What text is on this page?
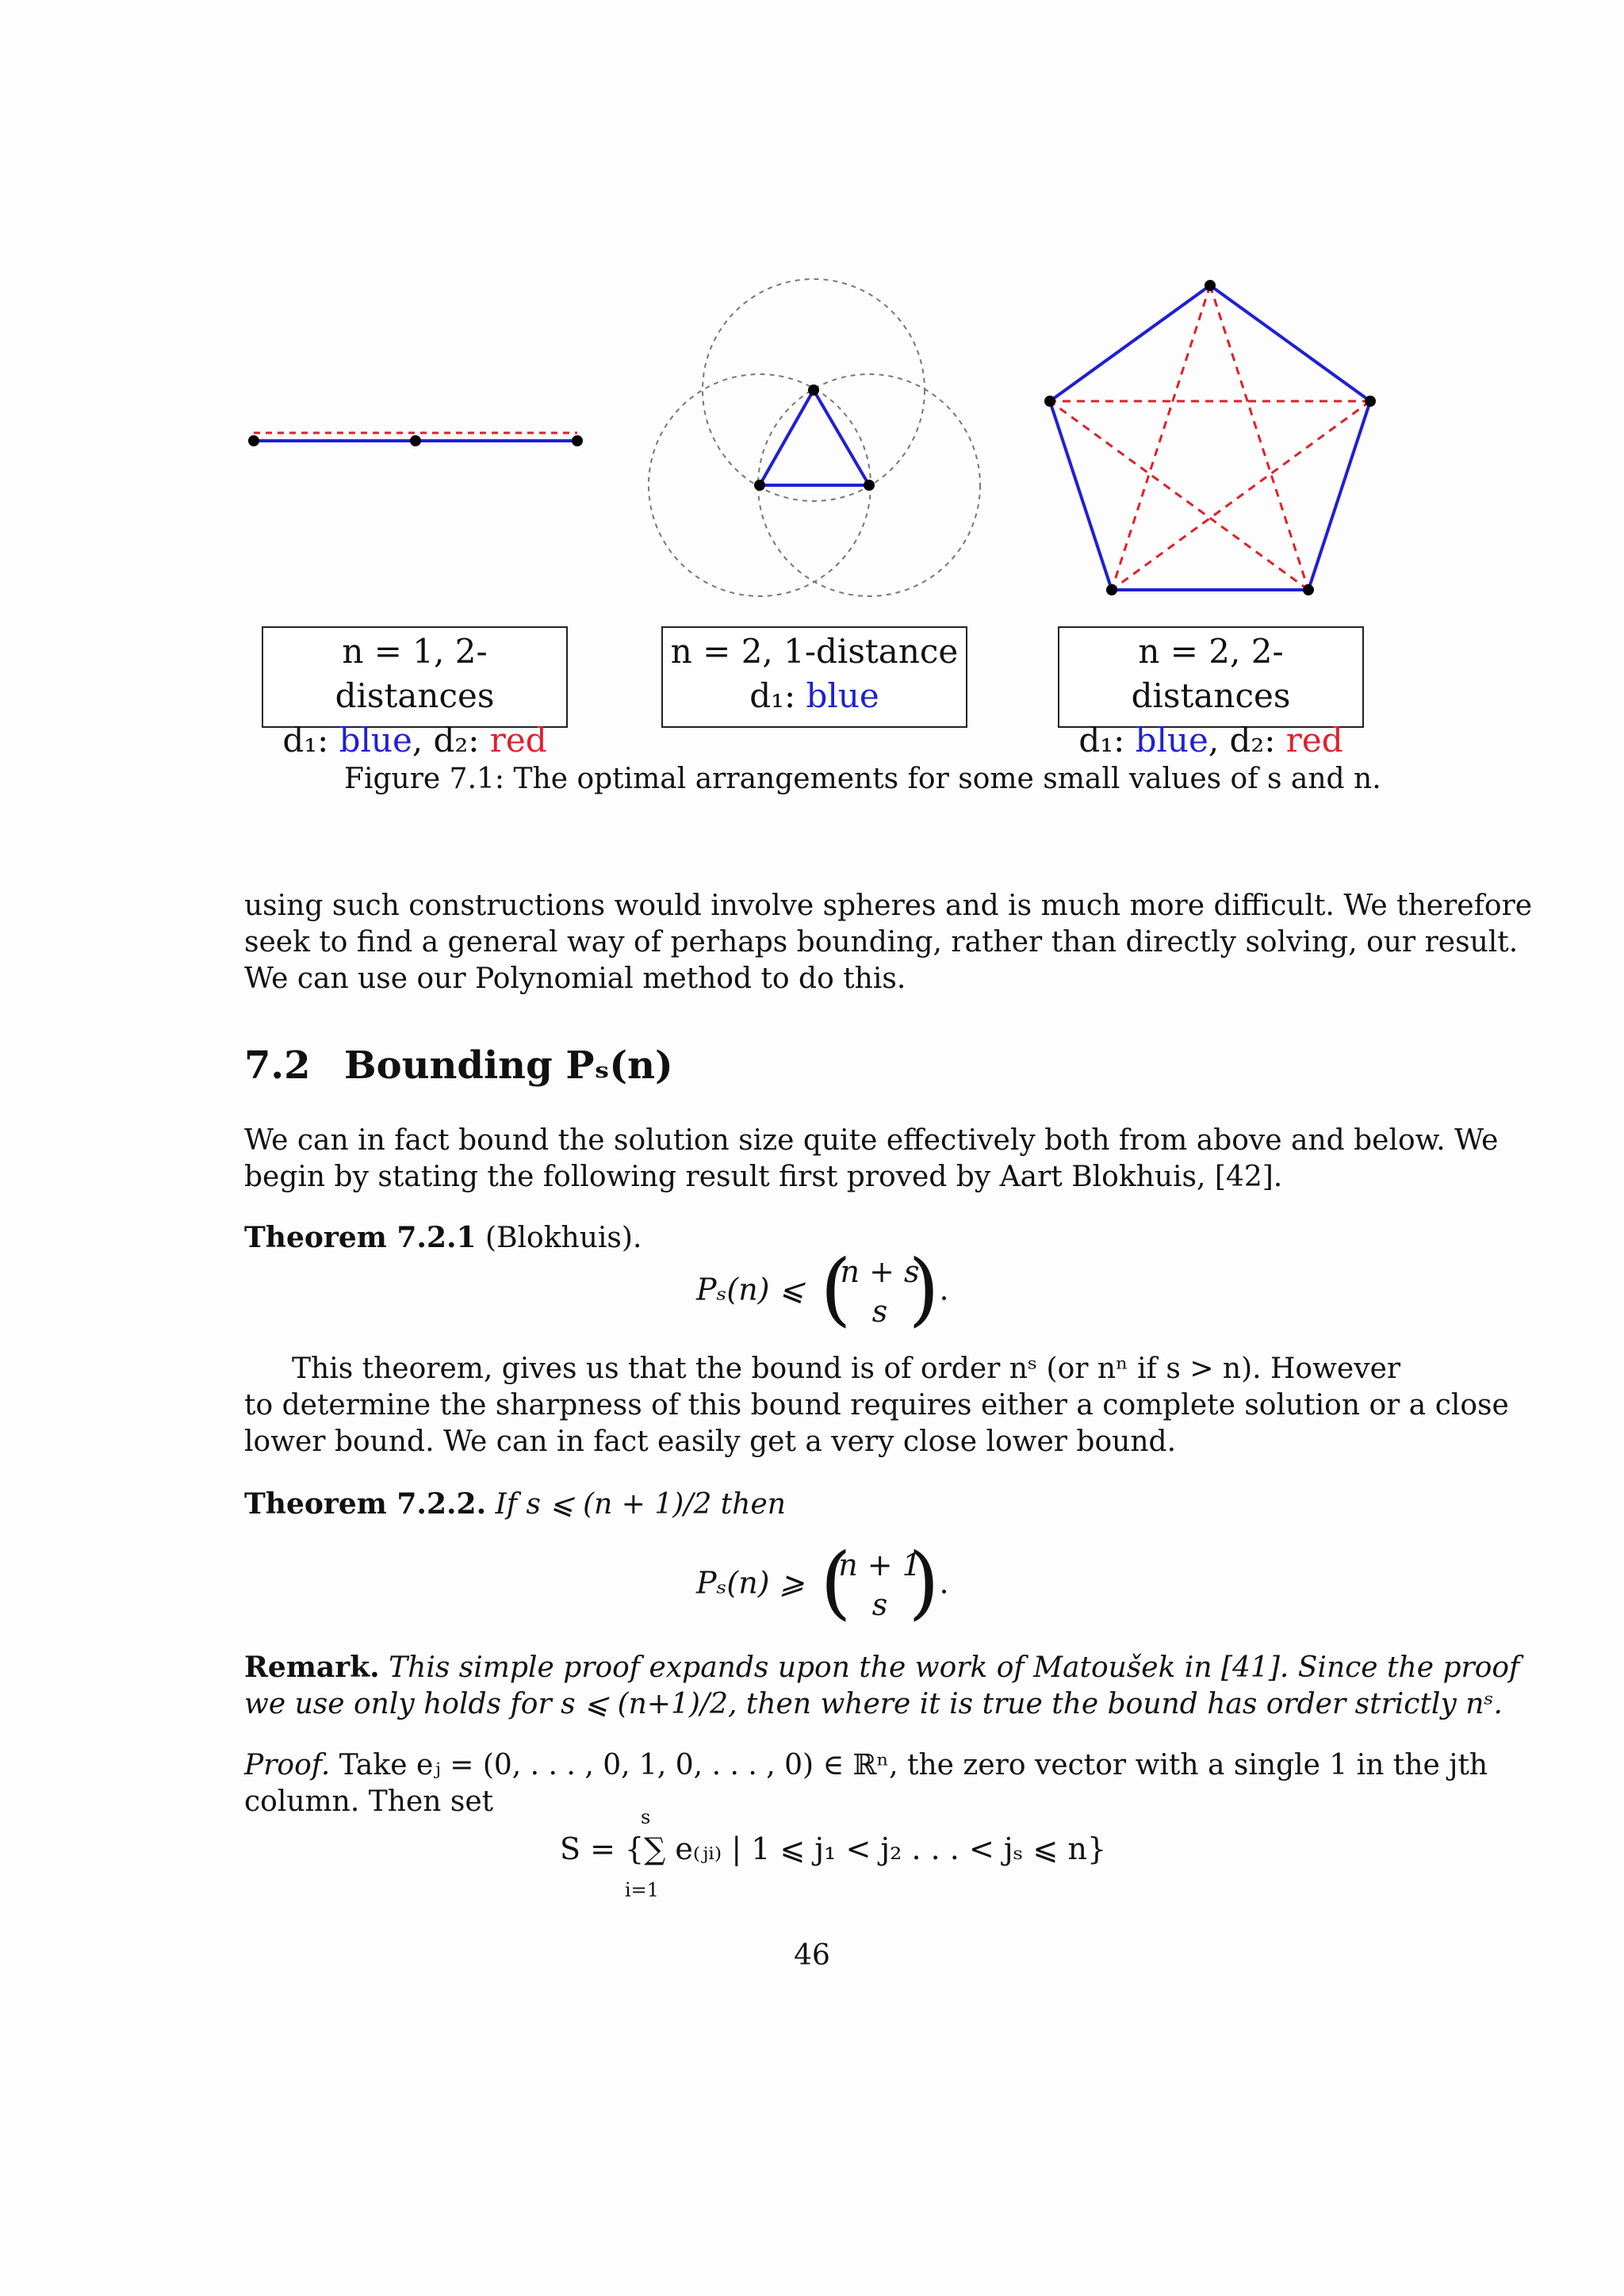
n = 1, 2-distances
d₁: blue, d₂: red
n = 2, 1-distance
d₁: blue
n = 2, 2-distances
d₁: blue, d₂: red
Figure 7.1: The optimal arrangements for some small values of s and n.
using such constructions would involve spheres and is much more difficult. We therefore
seek to find a general way of perhaps bounding, rather than directly solving, our result.
We can use our Polynomial method to do this.
7.2 Bounding Pₛ(n)
We can in fact bound the solution size quite effectively both from above and below. We
begin by stating the following result first proved by Aart Blokhuis, [42].
Theorem 7.2.1 (Blokhuis).
Pₛ(n) ⩽ (
n + s
s ) .
This theorem, gives us that the bound is of order nˢ (or nⁿ if s > n). However
to determine the sharpness of this bound requires either a complete solution or a close
lower bound. We can in fact easily get a very close lower bound.
Theorem 7.2.2. If s ⩽ (n + 1)/2 then
Pₛ(n) ⩾ (
n + 1
s ) .
Remark. This simple proof expands upon the work of Matoušek in [41]. Since the proof
we use only holds for s ⩽ (n+1)/2, then where it is true the bound has order strictly nˢ.
Proof. Take eⱼ = (0, . . . , 0, 1, 0, . . . , 0) ∈ ℝⁿ, the zero vector with a single 1 in the jth
column. Then set
S = {∑ e₍ⱼᵢ₎ | 1 ⩽ j₁ < j₂ . . . < jₛ ⩽ n}
s
i=1
46
